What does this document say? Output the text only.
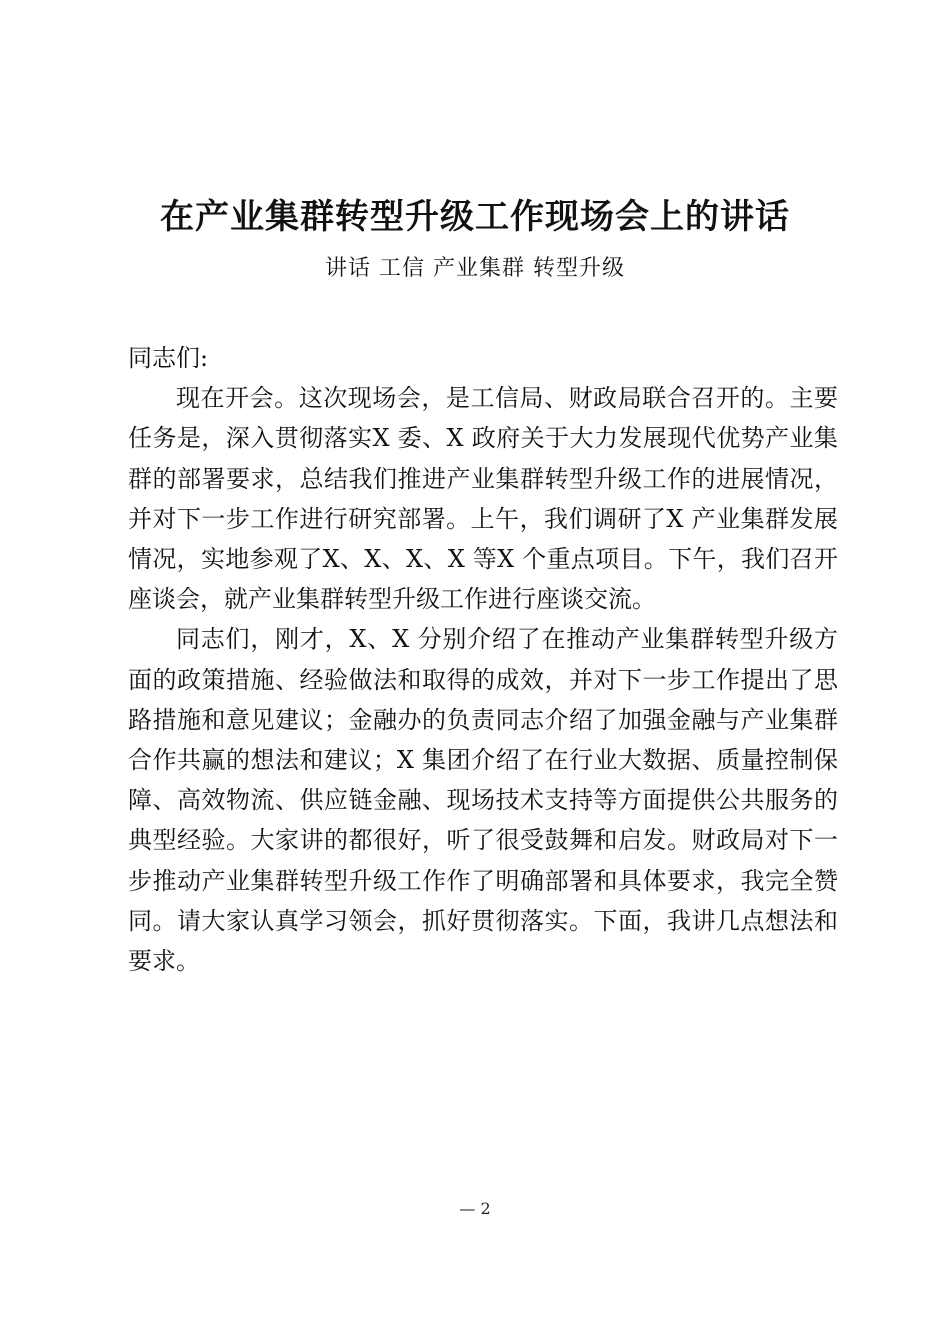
在产业集群转型升级工作现场会上的讲话
讲话 工信 产业集群 转型升级

同志们:

现在开会。这次现场会，是工信局、财政局联合召开的。主要任务是，深入贯彻落实X 委、X 政府关于大力发展现代优势产业集群的部署要求，总结我们推进产业集群转型升级工作的进展情况，并对下一步工作进行研究部署。上午，我们调研了X 产业集群发展情况，实地参观了X、X、X、X 等X 个重点项目。下午，我们召开座谈会，就产业集群转型升级工作进行座谈交流。

同志们，刚才，X、X 分别介绍了在推动产业集群转型升级方面的政策措施、经验做法和取得的成效，并对下一步工作提出了思路措施和意见建议；金融办的负责同志介绍了加强金融与产业集群合作共赢的想法和建议；X 集团介绍了在行业大数据、质量控制保障、高效物流、供应链金融、现场技术支持等方面提供公共服务的典型经验。大家讲的都很好，听了很受鼓舞和启发。财政局对下一步推动产业集群转型升级工作作了明确部署和具体要求，我完全赞同。请大家认真学习领会，抓好贯彻落实。下面，我讲几点想法和要求。

— 2
